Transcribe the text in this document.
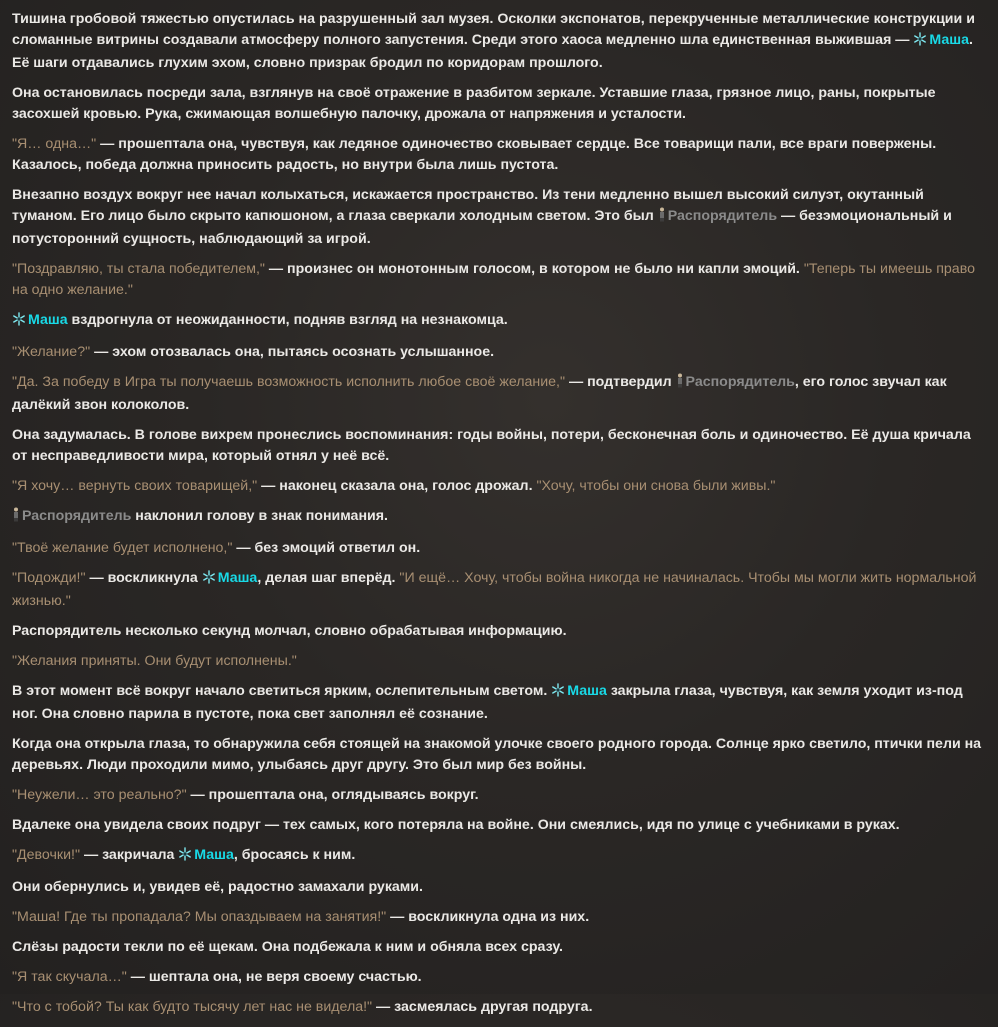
Тишина гробовой тяжестью опустилась на разрушенный зал музея. Осколки экспонатов, перекрученные металлические конструкции и сломанные витрины создавали атмосферу полного запустения. Среди этого хаоса медленно шла единственная выжившая — Маша. Её шаги отдавались глухим эхом, словно призрак бродил по коридорам прошлого.

Она остановилась посреди зала, взглянув на своё отражение в разбитом зеркале. Уставшие глаза, грязное лицо, раны, покрытые засохшей кровью. Рука, сжимающая волшебную палочку, дрожала от напряжения и усталости.

"Я… одна…" — прошептала она, чувствуя, как ледяное одиночество сковывает сердце. Все товарищи пали, все враги повержены. Казалось, победа должна приносить радость, но внутри была лишь пустота.

Внезапно воздух вокруг нее начал колыхаться, искажается пространство. Из тени медленно вышел высокий силуэт, окутанный туманом. Его лицо было скрыто капюшоном, а глаза сверкали холодным светом. Это был Распорядитель — безэмоциональный и потусторонний сущность, наблюдающий за игрой.

"Поздравляю, ты стала победителем," — произнес он монотонным голосом, в котором не было ни капли эмоций. "Теперь ты имеешь право на одно желание."

Маша вздрогнула от неожиданности, подняв взгляд на незнакомца.

"Желание?" — эхом отозвалась она, пытаясь осознать услышанное.

"Да. За победу в Игра ты получаешь возможность исполнить любое своё желание," — подтвердил Распорядитель, его голос звучал как далёкий звон колоколов.

Она задумалась. В голове вихрем пронеслись воспоминания: годы войны, потери, бесконечная боль и одиночество. Её душа кричала от несправедливости мира, который отнял у неё всё.

"Я хочу… вернуть своих товарищей," — наконец сказала она, голос дрожал. "Хочу, чтобы они снова были живы."

Распорядитель наклонил голову в знак понимания.

"Твоё желание будет исполнено," — без эмоций ответил он.

"Подожди!" — воскликнула Маша, делая шаг вперёд. "И ещё… Хочу, чтобы война никогда не начиналась. Чтобы мы могли жить нормальной жизнью."

Распорядитель несколько секунд молчал, словно обрабатывая информацию.

"Желания приняты. Они будут исполнены."

В этот момент всё вокруг начало светиться ярким, ослепительным светом. Маша закрыла глаза, чувствуя, как земля уходит из-под ног. Она словно парила в пустоте, пока свет заполнял её сознание.

Когда она открыла глаза, то обнаружила себя стоящей на знакомой улочке своего родного города. Солнце ярко светило, птички пели на деревьях. Люди проходили мимо, улыбаясь друг другу. Это был мир без войны.

"Неужели… это реально?" — прошептала она, оглядываясь вокруг.

Вдалеке она увидела своих подруг — тех самых, кого потеряла на войне. Они смеялись, идя по улице с учебниками в руках.

"Девочки!" — закричала Маша, бросаясь к ним.

Они обернулись и, увидев её, радостно замахали руками.

"Маша! Где ты пропадала? Мы опаздываем на занятия!" — воскликнула одна из них.

Слёзы радости текли по её щекам. Она подбежала к ним и обняла всех сразу.

"Я так скучала…" — шептала она, не веря своему счастью.

"Что с тобой? Ты как будто тысячу лет нас не видела!" — засмеялась другая подруга.
